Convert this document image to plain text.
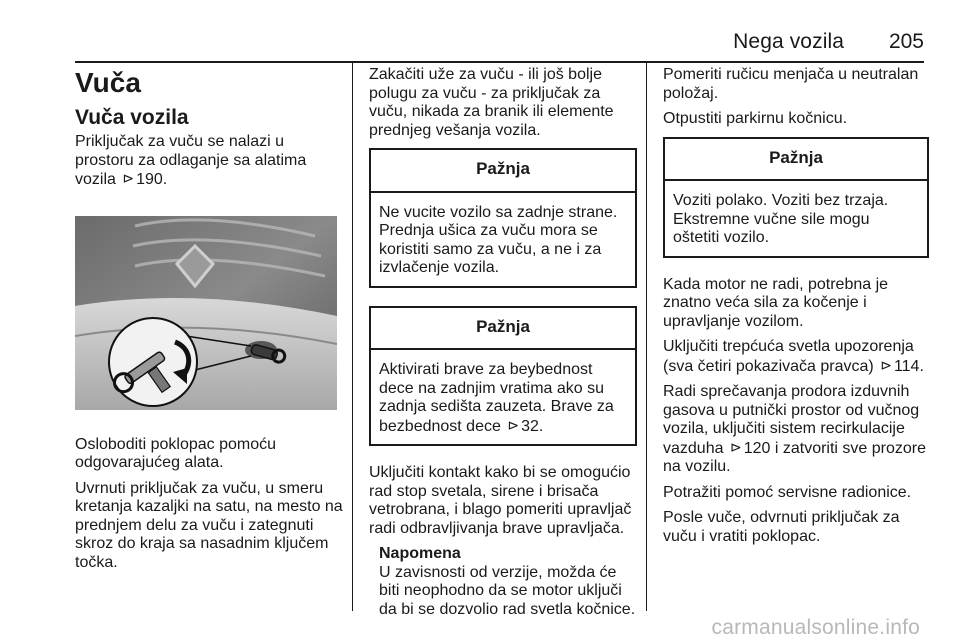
Nega vozila 205
Vuča
Vuča vozila

Priključak za vuču se nalazi u prostoru za odlaganje sa alatima vozila ⊳ 190.

Osloboditi poklopac pomoću odgovarajućeg alata.

Uvrnuti priključak za vuču, u smeru kretanja kazaljki na satu, na mesto na prednjem delu za vuču i zategnuti skroz do kraja sa nasadnim ključem točka.

Zakačiti uže za vuču - ili još bolje polugu za vuču - za priključak za vuču, nikada za branik ili elemente prednjeg vešanja vozila.

Pažnja
Ne vucite vozilo sa zadnje strane. Prednja ušica za vuču mora se koristiti samo za vuču, a ne i za izvlačenje vozila.
Pažnja
Aktivirati brave za beybednost dece na zadnjim vratima ako su zadnja sedišta zauzeta. Brave za bezbednost dece ⊳ 32.

Uključiti kontakt kako bi se omogućio rad stop svetala, sirene i brisača vetrobrana, i blago pomeriti upravljač radi odbravljivanja brave upravljača.

Napomena
U zavisnosti od verzije, možda će biti neophodno da se motor uključi da bi se dozvolio rad svetla kočnice.

Pomeriti ručicu menjača u neutralan položaj.

Otpustiti parkirnu kočnicu.

Pažnja
Voziti polako. Voziti bez trzaja. Ekstremne vučne sile mogu oštetiti vozilo.

Kada motor ne radi, potrebna je znatno veća sila za kočenje i upravljanje vozilom.

Uključiti trepćuća svetla upozorenja (sva četiri pokazivača pravca) ⊳ 114.

Radi sprečavanja prodora izduvnih gasova u putnički prostor od vučnog vozila, uključiti sistem recirkulacije vazduha ⊳ 120 i zatvoriti sve prozore na vozilu.

Potražiti pomoć servisne radionice.

Posle vuče, odvrnuti priključak za vuču i vratiti poklopac.

carmanualsonline.info
